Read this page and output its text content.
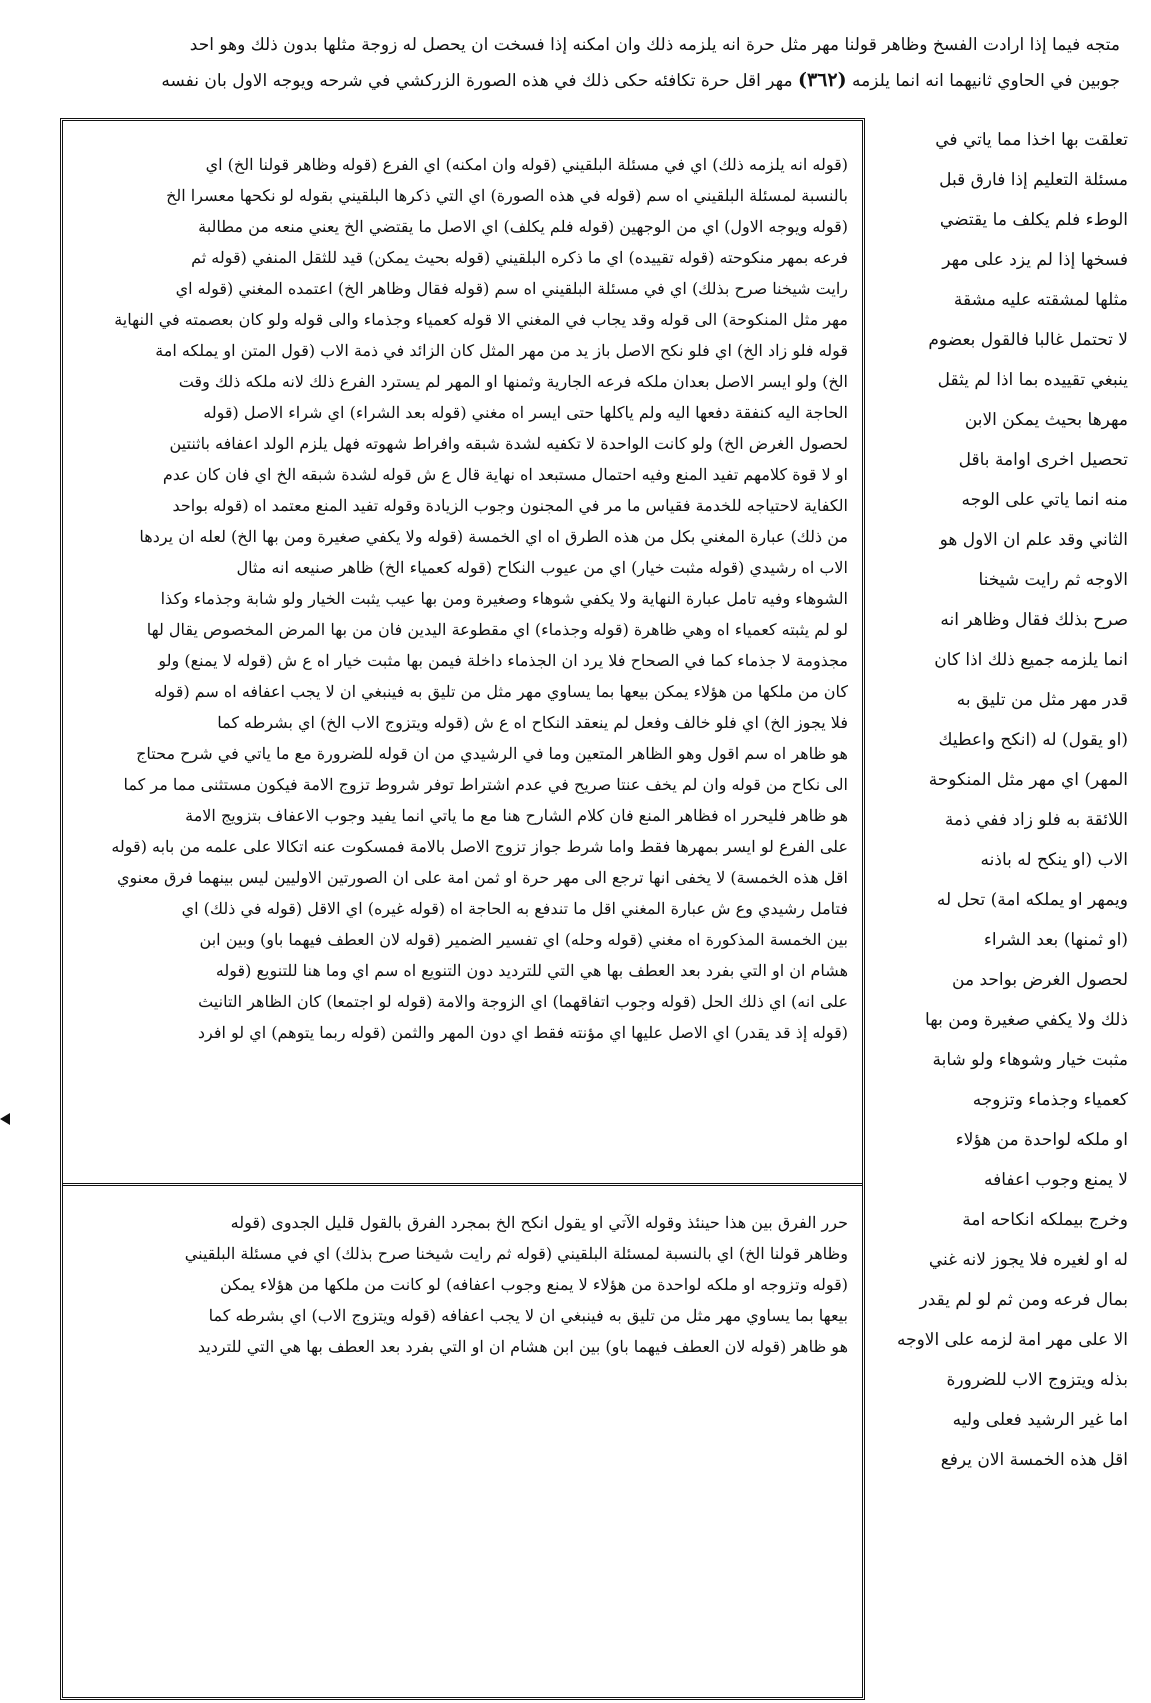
متجه فيما إذا ارادت الفسخ وظاهر قولنا مهر مثل حرة انه يلزمه ذلك وان امكنه إذا فسخت ان يحصل له زوجة مثلها بدون ذلك وهو احد
جوبين في الحاوي ثانيهما انه انما يلزمه (٣٦٢) مهر اقل حرة تكافئه حكى ذلك في هذه الصورة الزركشي في شرحه ويوجه الاول بان نفسه
تعلقت بها اخذا مما ياتي في
مسئلة التعليم إذا فارق قبل
الوطء فلم يكلف ما يقتضي
فسخها إذا لم يزد على مهر
مثلها لمشقته عليه مشقة
لا تحتمل غالبا فالقول بعضوم
ينبغي تقييده بما اذا لم يثقل
مهرها بحيث يمكن الابن
تحصيل اخرى اوامة باقل
منه انما ياتي على الوجه
الثاني وقد علم ان الاول هو
الاوجه ثم رايت شيخنا
صرح بذلك فقال وظاهر انه
انما يلزمه جميع ذلك اذا كان
قدر مهر مثل من تليق به
(او يقول) له (انكح واعطيك
المهر) اي مهر مثل المنكوحة
اللائقة به فلو زاد ففي ذمة
الاب (او ينكح له باذنه
ويمهر او يملكه امة) تحل له
(او ثمنها) بعد الشراء
لحصول الغرض بواحد من
ذلك ولا يكفي صغيرة ومن بها
مثبت خيار وشوهاء ولو شابة
كعمياء وجذماء وتزوجه
او ملكه لواحدة من هؤلاء
لا يمنع وجوب اعفافه
وخرج بيملكه انكاحه امة
له او لغيره فلا يجوز لانه غني
بمال فرعه ومن ثم لو لم يقدر
الا على مهر امة لزمه على الاوجه
بذله ويتزوج الاب للضرورة
اما غير الرشيد فعلى وليه
اقل هذه الخمسة الان يرفع
(قوله انه يلزمه ذلك) اي في مسئلة البلقيني (قوله وان امكنه) اي الفرع (قوله وظاهر قولنا الخ) اي
بالنسبة لمسئلة البلقيني اه سم (قوله في هذه الصورة) اي التي ذكرها البلقيني بقوله لو نكحها معسرا الخ
(قوله ويوجه الاول) اي من الوجهين (قوله فلم يكلف) اي الاصل ما يقتضي الخ يعني منعه من مطالبة
فرعه بمهر منكوحته (قوله تقييده) اي ما ذكره البلقيني (قوله بحيث يمكن) قيد للثقل المنفي (قوله ثم
رايت شيخنا صرح بذلك) اي في مسئلة البلقيني اه سم (قوله فقال وظاهر الخ) اعتمده المغني (قوله اي
مهر مثل المنكوحة) الى قوله وقد يجاب في المغني الا قوله كعمياء وجذماء والى قوله ولو كان بعصمته في النهاية
قوله فلو زاد الخ) اي فلو نكح الاصل باز يد من مهر المثل كان الزائد في ذمة الاب (قول المتن او يملكه امة
الخ) ولو ايسر الاصل بعدان ملكه فرعه الجارية وثمنها او المهر لم يسترد الفرع ذلك لانه ملكه ذلك وقت
الحاجة اليه كنفقة دفعها اليه ولم ياكلها حتى ايسر اه مغني (قوله بعد الشراء) اي شراء الاصل (قوله
لحصول الغرض الخ) ولو كانت الواحدة لا تكفيه لشدة شبقه وافراط شهوته فهل يلزم الولد اعفافه باثنتين
او لا قوة كلامهم تفيد المنع وفيه احتمال مستبعد اه نهاية قال ع ش قوله لشدة شبقه الخ اي فان كان عدم
الكفاية لاحتياجه للخدمة فقياس ما مر في المجنون وجوب الزيادة وقوله تفيد المنع معتمد اه (قوله بواحد
من ذلك) عبارة المغني بكل من هذه الطرق اه اي الخمسة (قوله ولا يكفي صغيرة ومن بها الخ) لعله ان يردها
الاب اه رشيدي (قوله مثبت خيار) اي من عيوب النكاح (قوله كعمياء الخ) ظاهر صنيعه انه مثال
الشوهاء وفيه تامل عبارة النهاية ولا يكفي شوهاء وصغيرة ومن بها عيب يثبت الخيار ولو شابة وجذماء وكذا
لو لم يثبته كعمياء اه وهي ظاهرة (قوله وجذماء) اي مقطوعة اليدين فان من بها المرض المخصوص يقال لها
مجذومة لا جذماء كما في الصحاح فلا يرد ان الجذماء داخلة فيمن بها مثبت خيار اه ع ش (قوله لا يمنع) ولو
كان من ملكها من هؤلاء يمكن بيعها بما يساوي مهر مثل من تليق به فينبغي ان لا يجب اعفافه اه سم (قوله
فلا يجوز الخ) اي فلو خالف وفعل لم ينعقد النكاح اه ع ش (قوله ويتزوج الاب الخ) اي بشرطه كما
هو ظاهر اه سم اقول وهو الظاهر المتعين وما في الرشيدي من ان قوله للضرورة مع ما ياتي في شرح محتاج
الى نكاح من قوله وان لم يخف عنتا صريح في عدم اشتراط توفر شروط تزوج الامة فيكون مستثنى مما مر كما
هو ظاهر فليحرر اه فظاهر المنع فان كلام الشارح هنا مع ما ياتي انما يفيد وجوب الاعفاف بتزويج الامة
على الفرع لو ايسر بمهرها فقط واما شرط جواز تزوج الاصل بالامة فمسكوت عنه اتكالا على علمه من بابه (قوله
اقل هذه الخمسة) لا يخفى انها ترجع الى مهر حرة او ثمن امة على ان الصورتين الاوليين ليس بينهما فرق معنوي
فتامل رشيدي وع ش عبارة المغني اقل ما تندفع به الحاجة اه (قوله غيره) اي الاقل (قوله في ذلك) اي
بين الخمسة المذكورة اه مغني (قوله وحله) اي تفسير الضمير (قوله لان العطف فيهما باو) وبين ابن
هشام ان او التي بفرد بعد العطف بها هي التي للترديد دون التنويع اه سم اي وما هنا للتنويع (قوله
على انه) اي ذلك الحل (قوله وجوب اتفاقهما) اي الزوجة والامة (قوله لو اجتمعا) كان الظاهر التانيث
(قوله إذ قد يقدر) اي الاصل عليها اي مؤنته فقط اي دون المهر والثمن (قوله ربما يتوهم) اي لو افرد
حرر الفرق بين هذا حينئذ وقوله الآتي او يقول انكح الخ بمجرد الفرق بالقول قليل الجدوى (قوله
وظاهر قولنا الخ) اي بالنسبة لمسئلة البلقيني (قوله ثم رايت شيخنا صرح بذلك) اي في مسئلة البلقيني
(قوله وتزوجه او ملكه لواحدة من هؤلاء لا يمنع وجوب اعفافه) لو كانت من ملكها من هؤلاء يمكن
بيعها بما يساوي مهر مثل من تليق به فينبغي ان لا يجب اعفافه (قوله ويتزوج الاب) اي بشرطه كما
هو ظاهر (قوله لان العطف فيهما باو) بين ابن هشام ان او التي بفرد بعد العطف بها هي التي للترديد
